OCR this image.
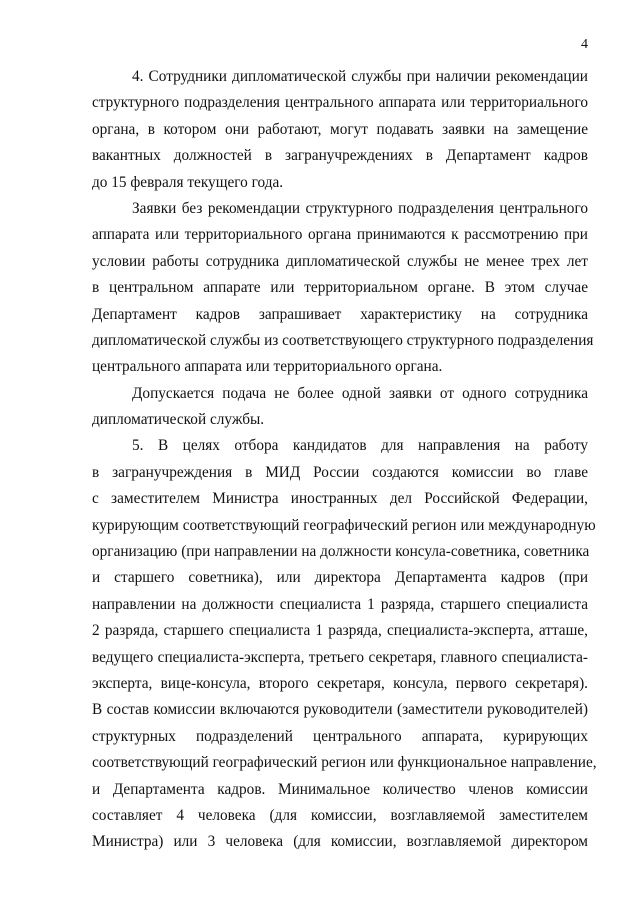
4
4. Сотрудники дипломатической службы при наличии рекомендации
структурного подразделения центрального аппарата или территориального
органа, в котором они работают, могут подавать заявки на замещение
вакантных должностей в загранучреждениях в Департамент кадров
до 15 февраля текущего года.
Заявки без рекомендации структурного подразделения центрального
аппарата или территориального органа принимаются к рассмотрению при
условии работы сотрудника дипломатической службы не менее трех лет
в центральном аппарате или территориальном органе. В этом случае
Департамент кадров запрашивает характеристику на сотрудника
дипломатической службы из соответствующего структурного подразделения
центрального аппарата или территориального органа.
Допускается подача не более одной заявки от одного сотрудника
дипломатической службы.
5. В целях отбора кандидатов для направления на работу
в загранучреждения в МИД России создаются комиссии во главе
с заместителем Министра иностранных дел Российской Федерации,
курирующим соответствующий географический регион или международную
организацию (при направлении на должности консула-советника, советника
и старшего советника), или директора Департамента кадров (при
направлении на должности специалиста 1 разряда, старшего специалиста
2 разряда, старшего специалиста 1 разряда, специалиста-эксперта, атташе,
ведущего специалиста-эксперта, третьего секретаря, главного специалиста-
эксперта, вице-консула, второго секретаря, консула, первого секретаря).
В состав комиссии включаются руководители (заместители руководителей)
структурных подразделений центрального аппарата, курирующих
соответствующий географический регион или функциональное направление,
и Департамента кадров. Минимальное количество членов комиссии
составляет 4 человека (для комиссии, возглавляемой заместителем
Министра) или 3 человека (для комиссии, возглавляемой директором
